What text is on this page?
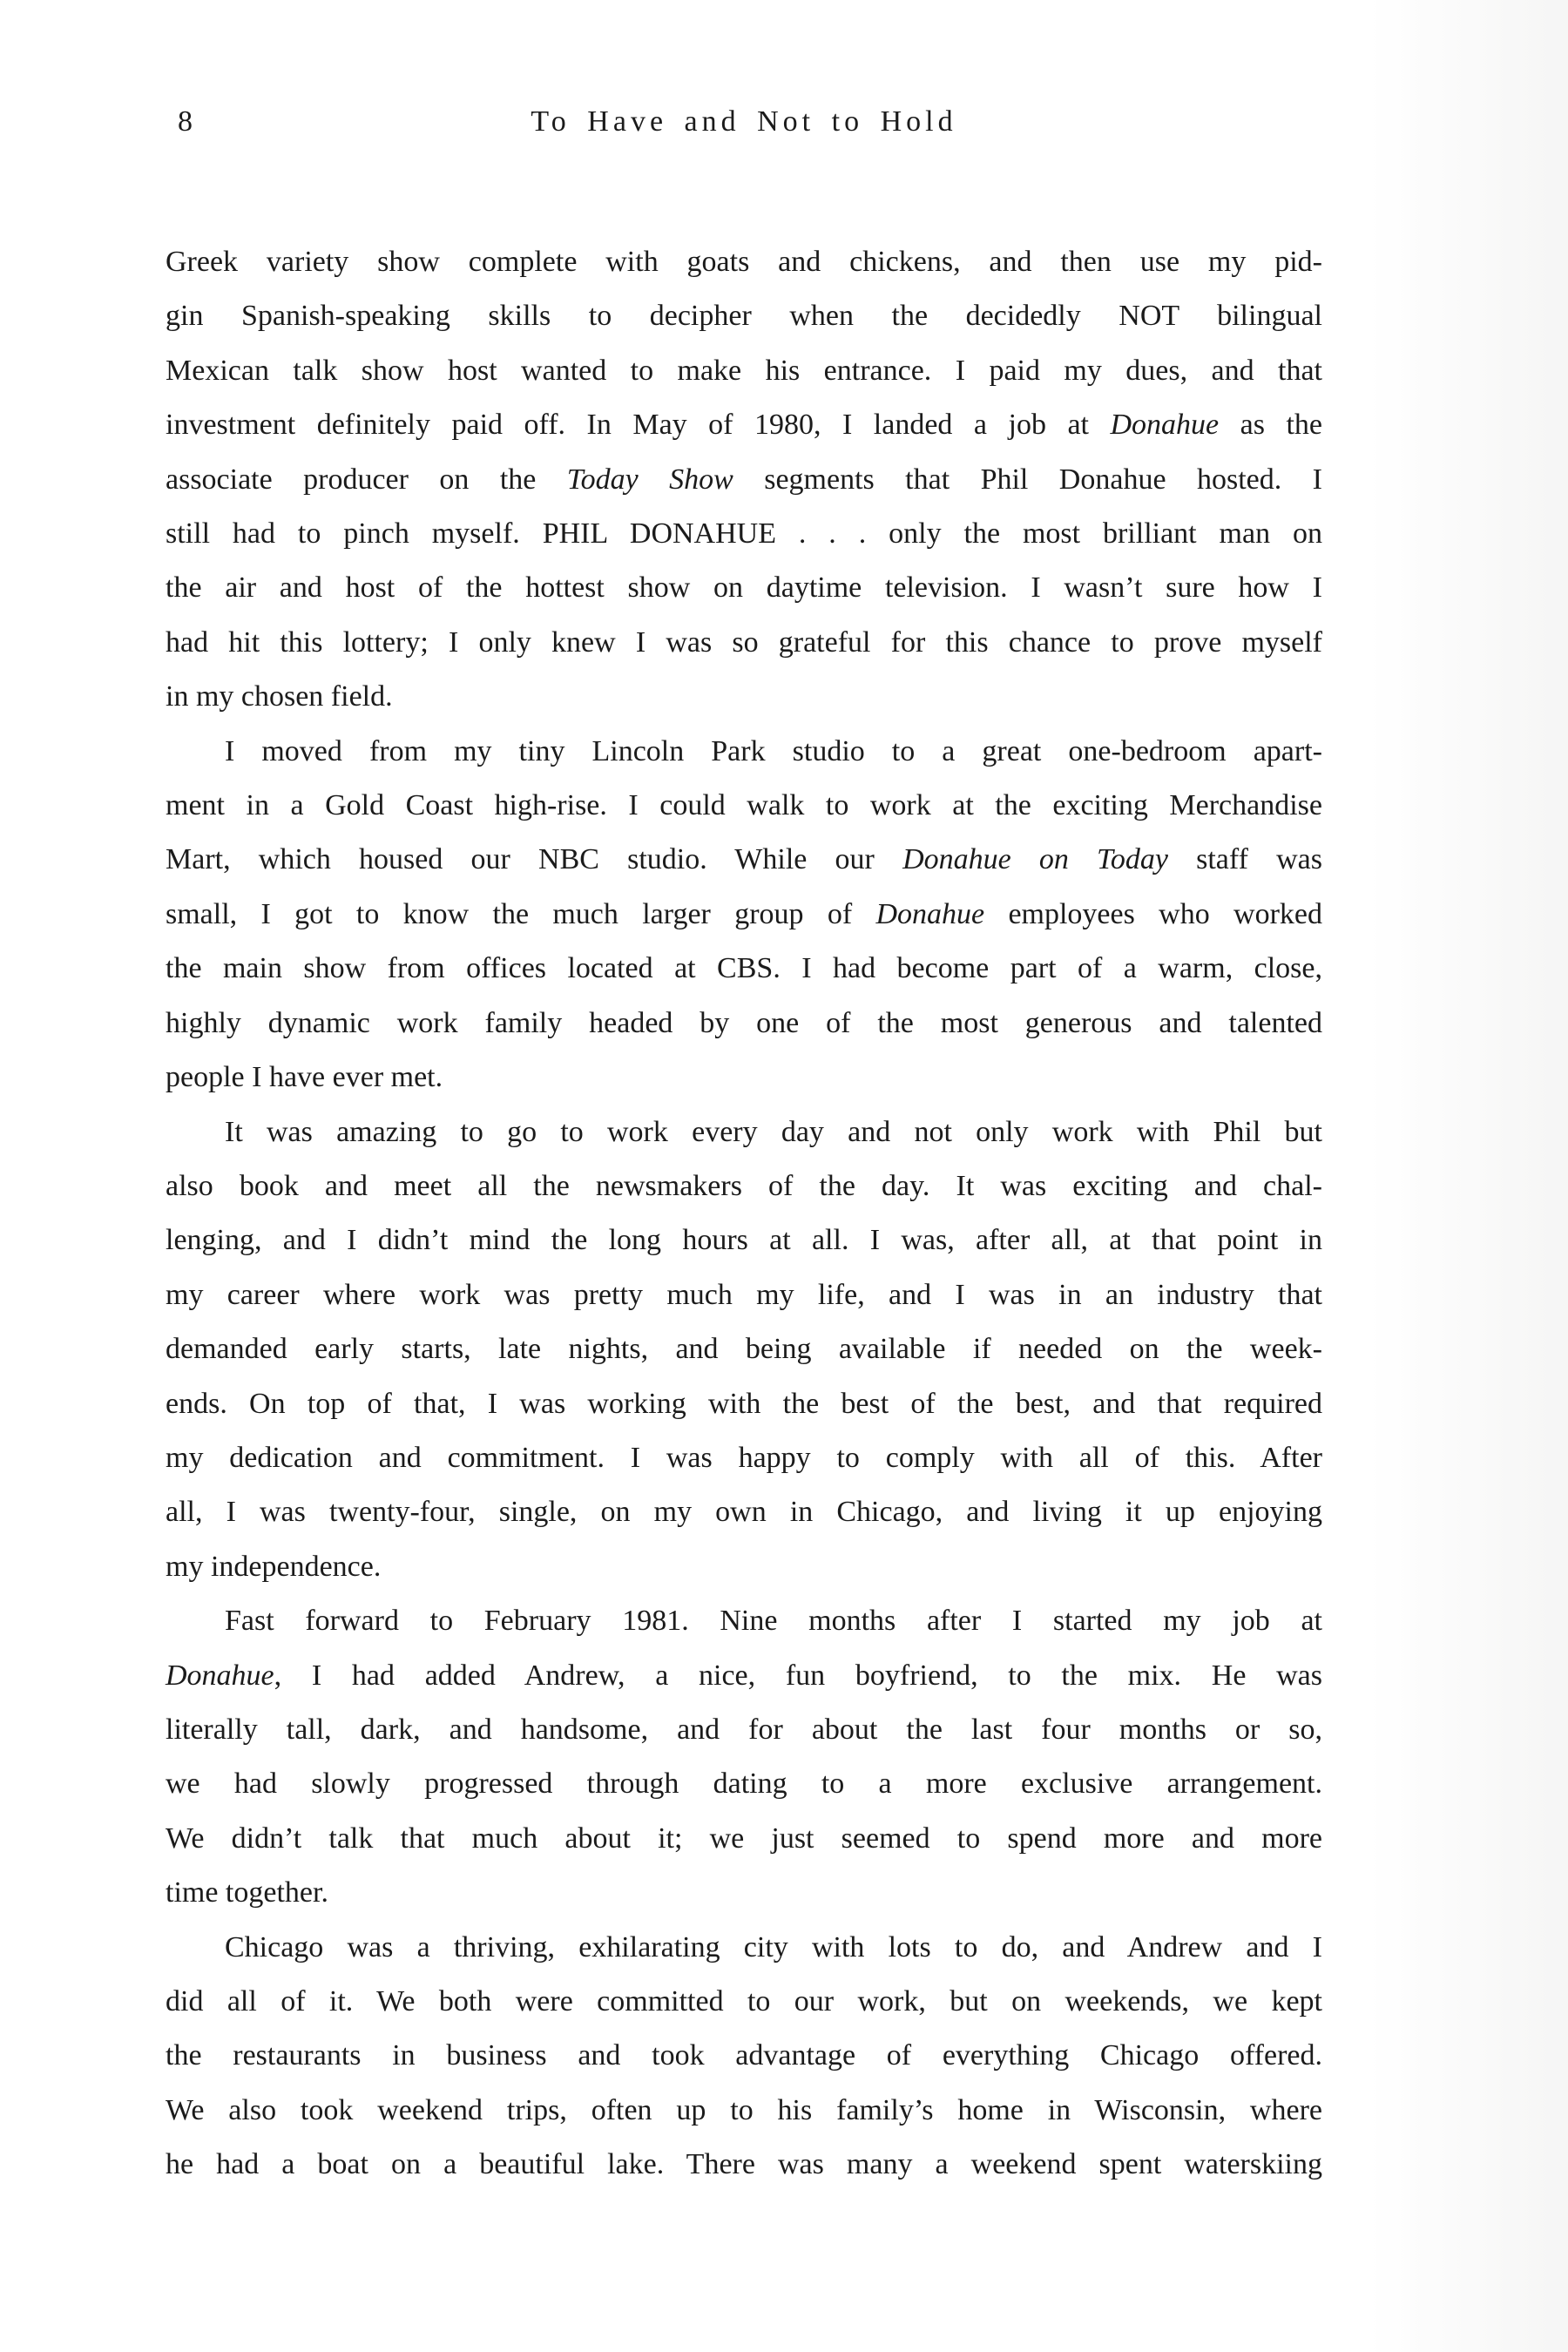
8	To Have and Not to Hold
Greek variety show complete with goats and chickens, and then use my pid-
gin Spanish-speaking skills to decipher when the decidedly NOT bilingual
Mexican talk show host wanted to make his entrance. I paid my dues, and that
investment definitely paid off. In May of 1980, I landed a job at Donahue as the
associate producer on the Today Show segments that Phil Donahue hosted. I
still had to pinch myself. PHIL DONAHUE . . . only the most brilliant man on
the air and host of the hottest show on daytime television. I wasn’t sure how I
had hit this lottery; I only knew I was so grateful for this chance to prove myself
in my chosen field.
I moved from my tiny Lincoln Park studio to a great one-bedroom apart-
ment in a Gold Coast high-rise. I could walk to work at the exciting Merchandise
Mart, which housed our NBC studio. While our Donahue on Today staff was
small, I got to know the much larger group of Donahue employees who worked
the main show from offices located at CBS. I had become part of a warm, close,
highly dynamic work family headed by one of the most generous and talented
people I have ever met.
It was amazing to go to work every day and not only work with Phil but
also book and meet all the newsmakers of the day. It was exciting and chal-
lenging, and I didn’t mind the long hours at all. I was, after all, at that point in
my career where work was pretty much my life, and I was in an industry that
demanded early starts, late nights, and being available if needed on the week-
ends. On top of that, I was working with the best of the best, and that required
my dedication and commitment. I was happy to comply with all of this. After
all, I was twenty-four, single, on my own in Chicago, and living it up enjoying
my independence.
Fast forward to February 1981. Nine months after I started my job at
Donahue, I had added Andrew, a nice, fun boyfriend, to the mix. He was
literally tall, dark, and handsome, and for about the last four months or so,
we had slowly progressed through dating to a more exclusive arrangement.
We didn’t talk that much about it; we just seemed to spend more and more
time together.
Chicago was a thriving, exhilarating city with lots to do, and Andrew and I
did all of it. We both were committed to our work, but on weekends, we kept
the restaurants in business and took advantage of everything Chicago offered.
We also took weekend trips, often up to his family’s home in Wisconsin, where
he had a boat on a beautiful lake. There was many a weekend spent waterskiing
